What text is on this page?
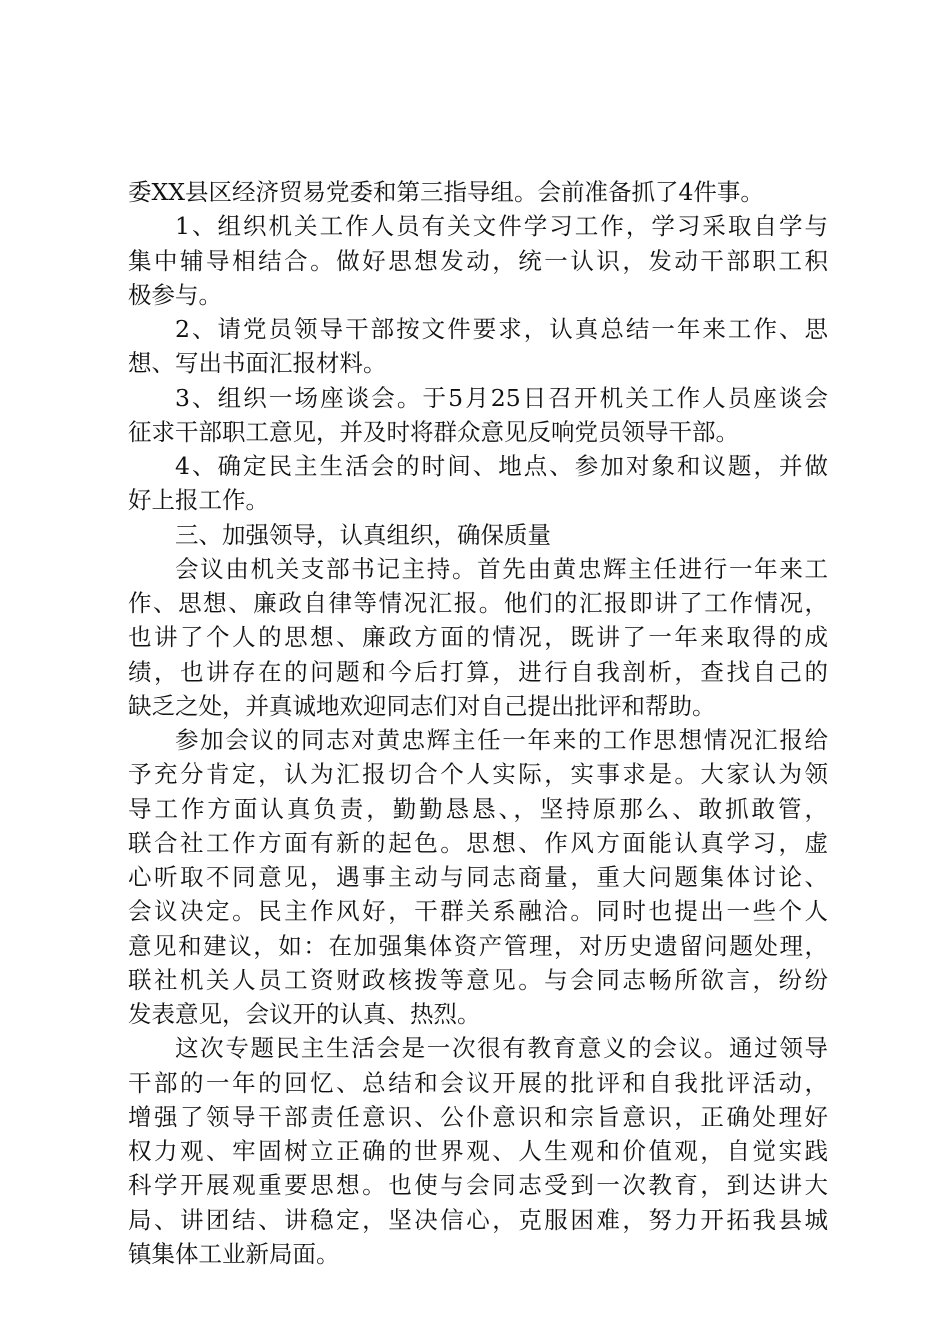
委XX县区经济贸易党委和第三指导组。会前准备抓了4件事。
1、组织机关工作人员有关文件学习工作，学习采取自学与
集中辅导相结合。做好思想发动，统一认识，发动干部职工积
极参与。
2、请党员领导干部按文件要求，认真总结一年来工作、思
想、写出书面汇报材料。
3、组织一场座谈会。于5月25日召开机关工作人员座谈会
征求干部职工意见，并及时将群众意见反响党员领导干部。
4、确定民主生活会的时间、地点、参加对象和议题，并做
好上报工作。
三、加强领导，认真组织，确保质量
会议由机关支部书记主持。首先由黄忠辉主任进行一年来工
作、思想、廉政自律等情况汇报。他们的汇报即讲了工作情况，
也讲了个人的思想、廉政方面的情况，既讲了一年来取得的成
绩，也讲存在的问题和今后打算，进行自我剖析，查找自己的
缺乏之处，并真诚地欢迎同志们对自己提出批评和帮助。
参加会议的同志对黄忠辉主任一年来的工作思想情况汇报给
予充分肯定，认为汇报切合个人实际，实事求是。大家认为领
导工作方面认真负责，勤勤恳恳、，坚持原那么、敢抓敢管，
联合社工作方面有新的起色。思想、作风方面能认真学习，虚
心听取不同意见，遇事主动与同志商量，重大问题集体讨论、
会议决定。民主作风好，干群关系融洽。同时也提出一些个人
意见和建议，如：在加强集体资产管理，对历史遗留问题处理，
联社机关人员工资财政核拨等意见。与会同志畅所欲言，纷纷
发表意见，会议开的认真、热烈。
这次专题民主生活会是一次很有教育意义的会议。通过领导
干部的一年的回忆、总结和会议开展的批评和自我批评活动，
增强了领导干部责任意识、公仆意识和宗旨意识，正确处理好
权力观、牢固树立正确的世界观、人生观和价值观，自觉实践
科学开展观重要思想。也使与会同志受到一次教育，到达讲大
局、讲团结、讲稳定，坚决信心，克服困难，努力开拓我县城
镇集体工业新局面。
